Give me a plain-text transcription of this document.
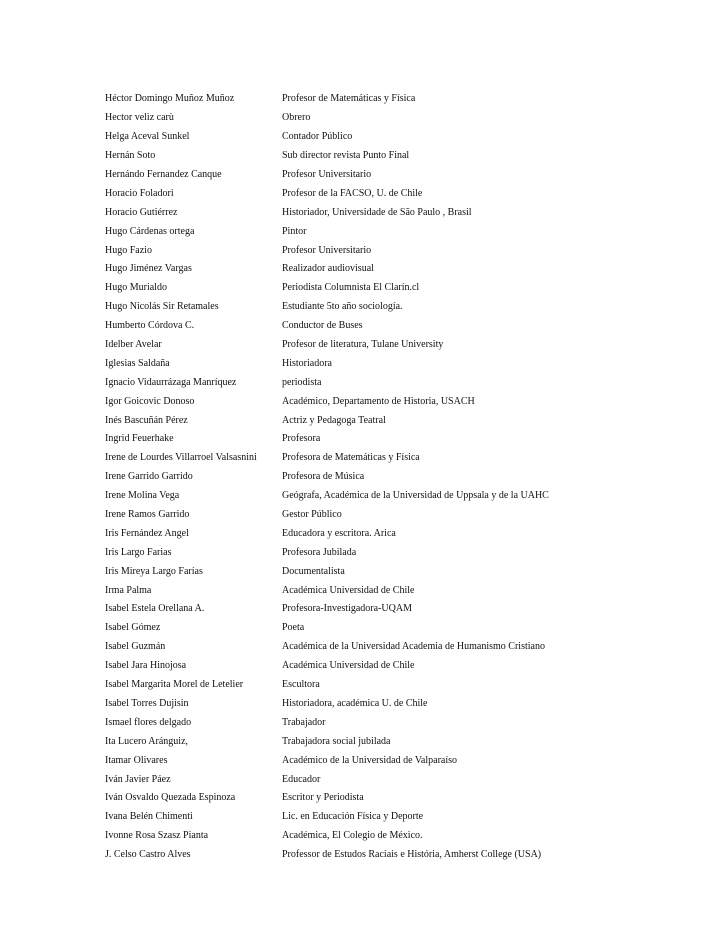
Héctor Domingo Muñoz Muñoz	Profesor de Matemáticas y Física
Hector veliz carù	Obrero
Helga Aceval Sunkel	Contador Público
Hernán Soto	Sub director revista Punto Final
Hernándo Fernandez Canque	Profesor Universitario
Horacio Foladori	Profesor de la FACSO, U. de Chile
Horacio Gutiérrez	Historiador, Universidade de São Paulo , Brasil
Hugo Cárdenas ortega	Pintor
Hugo Fazio	Profesor Universitario
Hugo Jiménez Vargas	Realizador audiovisual
Hugo Murialdo	Periodista Columnista El Clarín.cl
Hugo Nicolás Sir Retamales	Estudiante 5to año sociología.
Humberto Córdova C.	Conductor de Buses
Idelber Avelar	Profesor de literatura, Tulane University
Iglesias Saldaña	Historiadora
Ignacio Vidaurrázaga Manríquez	periodista
Igor Goicovic Donoso	Académico, Departamento de Historia, USACH
Inés Bascuñán Pérez	Actriz y Pedagoga Teatral
Ingrid Feuerhake	Profesora
Irene de Lourdes Villarroel Valsasnini	Profesora de Matemáticas y Física
Irene Garrido Garrido	Profesora de Música
Irene Molina Vega	Geógrafa, Académica de la Universidad de Uppsala y de la UAHC
Irene Ramos Garrido	Gestor Público
Iris Fernández Angel	Educadora y escritora. Arica
Iris Largo Farias	Profesora Jubilada
Iris Mireya Largo Farías	Documentalista
Irma Palma	Académica Universidad de Chile
Isabel Estela Orellana A.	Profesora-Investigadora-UQAM
Isabel Gómez	Poeta
Isabel Guzmán	Académica de la Universidad Academia de Humanismo Cristiano
Isabel Jara Hinojosa	Académica Universidad de Chile
Isabel Margarita Morel de Letelier	Escultora
Isabel Torres Dujisin	Historiadora, académica U. de Chile
Ismael flores delgado	Trabajador
Ita Lucero Aránguiz,	Trabajadora social jubilada
Itamar Olivares	Académico de la Universidad de Valparaíso
Iván Javier Páez	Educador
Iván Osvaldo Quezada Espinoza	Escritor y Periodista
Ivana Belén Chimenti	Lic. en Educación Física y Deporte
Ivonne Rosa Szasz Pianta	Académica, El Colegio de México.
J. Celso Castro Alves	Professor de Estudos Raciais e História, Amherst College (USA)
